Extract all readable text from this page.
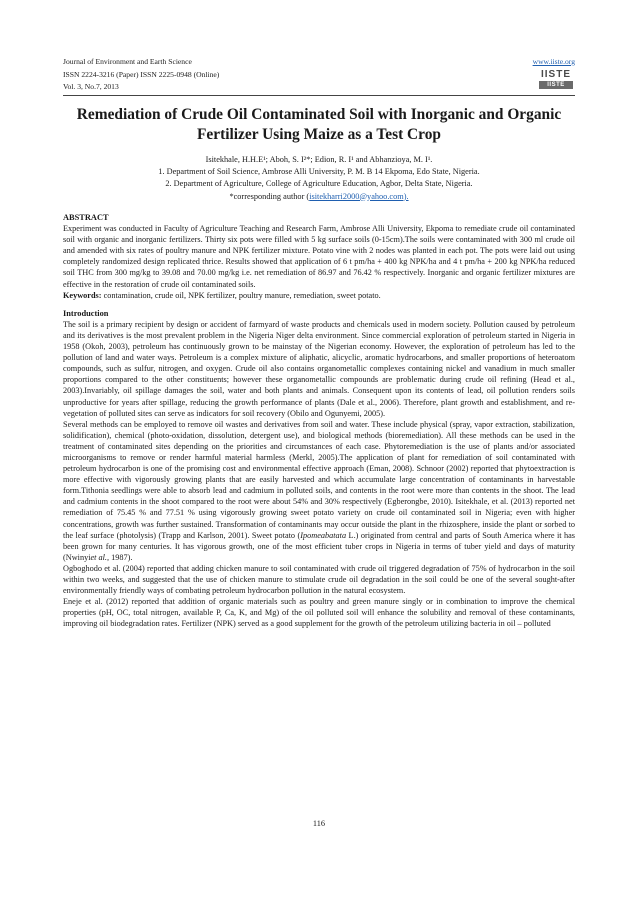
Journal of Environment and Earth Science
ISSN 2224-3216 (Paper) ISSN 2225-0948 (Online)
Vol. 3, No.7, 2013
www.iiste.org
IISTE
IISTE
Remediation of Crude Oil Contaminated Soil with Inorganic and Organic Fertilizer Using Maize as a Test Crop
Isitekhale, H.H.E¹; Aboh, S. I²*; Edion, R. I¹ and Abhanzioya, M. I¹.
1. Department of Soil Science, Ambrose Alli University, P. M. B 14 Ekpoma, Edo State, Nigeria.
2. Department of Agriculture, College of Agriculture Education, Agbor, Delta State, Nigeria.
*corresponding author (isitekharri2000@yahoo.com).
ABSTRACT

Experiment was conducted in Faculty of Agriculture Teaching and Research Farm, Ambrose Alli University, Ekpoma to remediate crude oil contaminated soil with organic and inorganic fertilizers. Thirty six pots were filled with 5 kg surface soils (0-15cm).The soils were contaminated with 300 ml crude oil and amended with six rates of poultry manure and NPK fertilizer mixture. Potato vine with 2 nodes was planted in each pot. The pots were laid out using completely randomized design replicated thrice. Results showed that application of 6 t pm/ha + 400 kg NPK/ha and 4 t pm/ha + 200 kg NPK/ha reduced soil THC from 300 mg/kg to 39.08 and 70.00 mg/kg i.e. net remediation of 86.97 and 76.42 % respectively. Inorganic and organic fertilizer mixtures are effective in the restoration of crude oil contaminated soils.

Keywords: contamination, crude oil, NPK fertilizer, poultry manure, remediation, sweet potato.

Introduction

The soil is a primary recipient by design or accident of farmyard of waste products and chemicals used in modern society. Pollution caused by petroleum and its derivatives is the most prevalent problem in the Nigeria Niger delta environment. Since commercial exploration of petroleum started in Nigeria in 1958 (Okoh, 2003), petroleum has continuously grown to be mainstay of the Nigerian economy. However, the exploration of petroleum has led to the pollution of land and water ways. Petroleum is a complex mixture of aliphatic, alicyclic, aromatic hydrocarbons, and smaller proportions of heteroatom compounds, such as sulfur, nitrogen, and oxygen. Crude oil also contains organometallic complexes containing nickel and vanadium in much smaller proportions compared to the other constituents; however these organometallic compounds are problematic during crude oil refining (Head et al., 2003).Invariably, oil spillage damages the soil, water and both plants and animals. Consequent upon its contents of lead, oil pollution renders soils unproductive for years after spillage, reducing the growth performance of plants (Dale et al., 2006). Therefore, plant growth and establishment, and re-vegetation of polluted sites can serve as indicators for soil recovery (Obilo and Ogunyemi, 2005).

Several methods can be employed to remove oil wastes and derivatives from soil and water. These include physical (spray, vapor extraction, stabilization, solidification), chemical (photo-oxidation, dissolution, detergent use), and biological methods (bioremediation). All these methods can be used in the treatment of contaminated sites depending on the priorities and circumstances of each case. Phytoremediation is the use of plants and/or associated microorganisms to remove or render harmful material harmless (Merkl, 2005).The application of plant for remediation of soil contaminated with petroleum hydrocarbon is one of the promising cost and environmental effective approach (Eman, 2008). Schnoor (2002) reported that phytoextraction is more effective with vigorously growing plants that are easily harvested and which accumulate large concentration of contaminants in harvestable form.Tithonia seedlings were able to absorb lead and cadmium in polluted soils, and contents in the root were more than contents in the shoot. The lead and cadmium contents in the shoot compared to the root were about 54% and 30% respectively (Egberongbe, 2010). Isitekhale, et al. (2013) reported net remediation of 75.45 % and 77.51 % using vigorously growing sweet potato variety on crude oil contaminated soil in Nigeria; even with higher concentrations, growth was further sustained. Transformation of contaminants may occur outside the plant in the rhizosphere, inside the plant or sorbed to the leaf surface (photolysis) (Trapp and Karlson, 2001). Sweet potato (Ipomeabatata L.) originated from central and parts of South America where it has been grown for many centuries. It has vigorous growth, one of the most efficient tuber crops in Nigeria in terms of tuber yield and days of maturity (Nwinyiet al., 1987).

Ogboghodo et al. (2004) reported that adding chicken manure to soil contaminated with crude oil triggered degradation of 75% of hydrocarbon in the soil within two weeks, and suggested that the use of chicken manure to stimulate crude oil degradation in the soil could be one of the several sought-after environmentally friendly ways of combating petroleum hydrocarbon pollution in the natural ecosystem.

Eneje et al. (2012) reported that addition of organic materials such as poultry and green manure singly or in combination to improve the chemical properties (pH, OC, total nitrogen, available P, Ca, K, and Mg) of the oil polluted soil will enhance the solubility and removal of these contaminants, improving oil biodegradation rates. Fertilizer (NPK) served as a good supplement for the growth of the petroleum utilizing bacteria in oil – polluted

116
